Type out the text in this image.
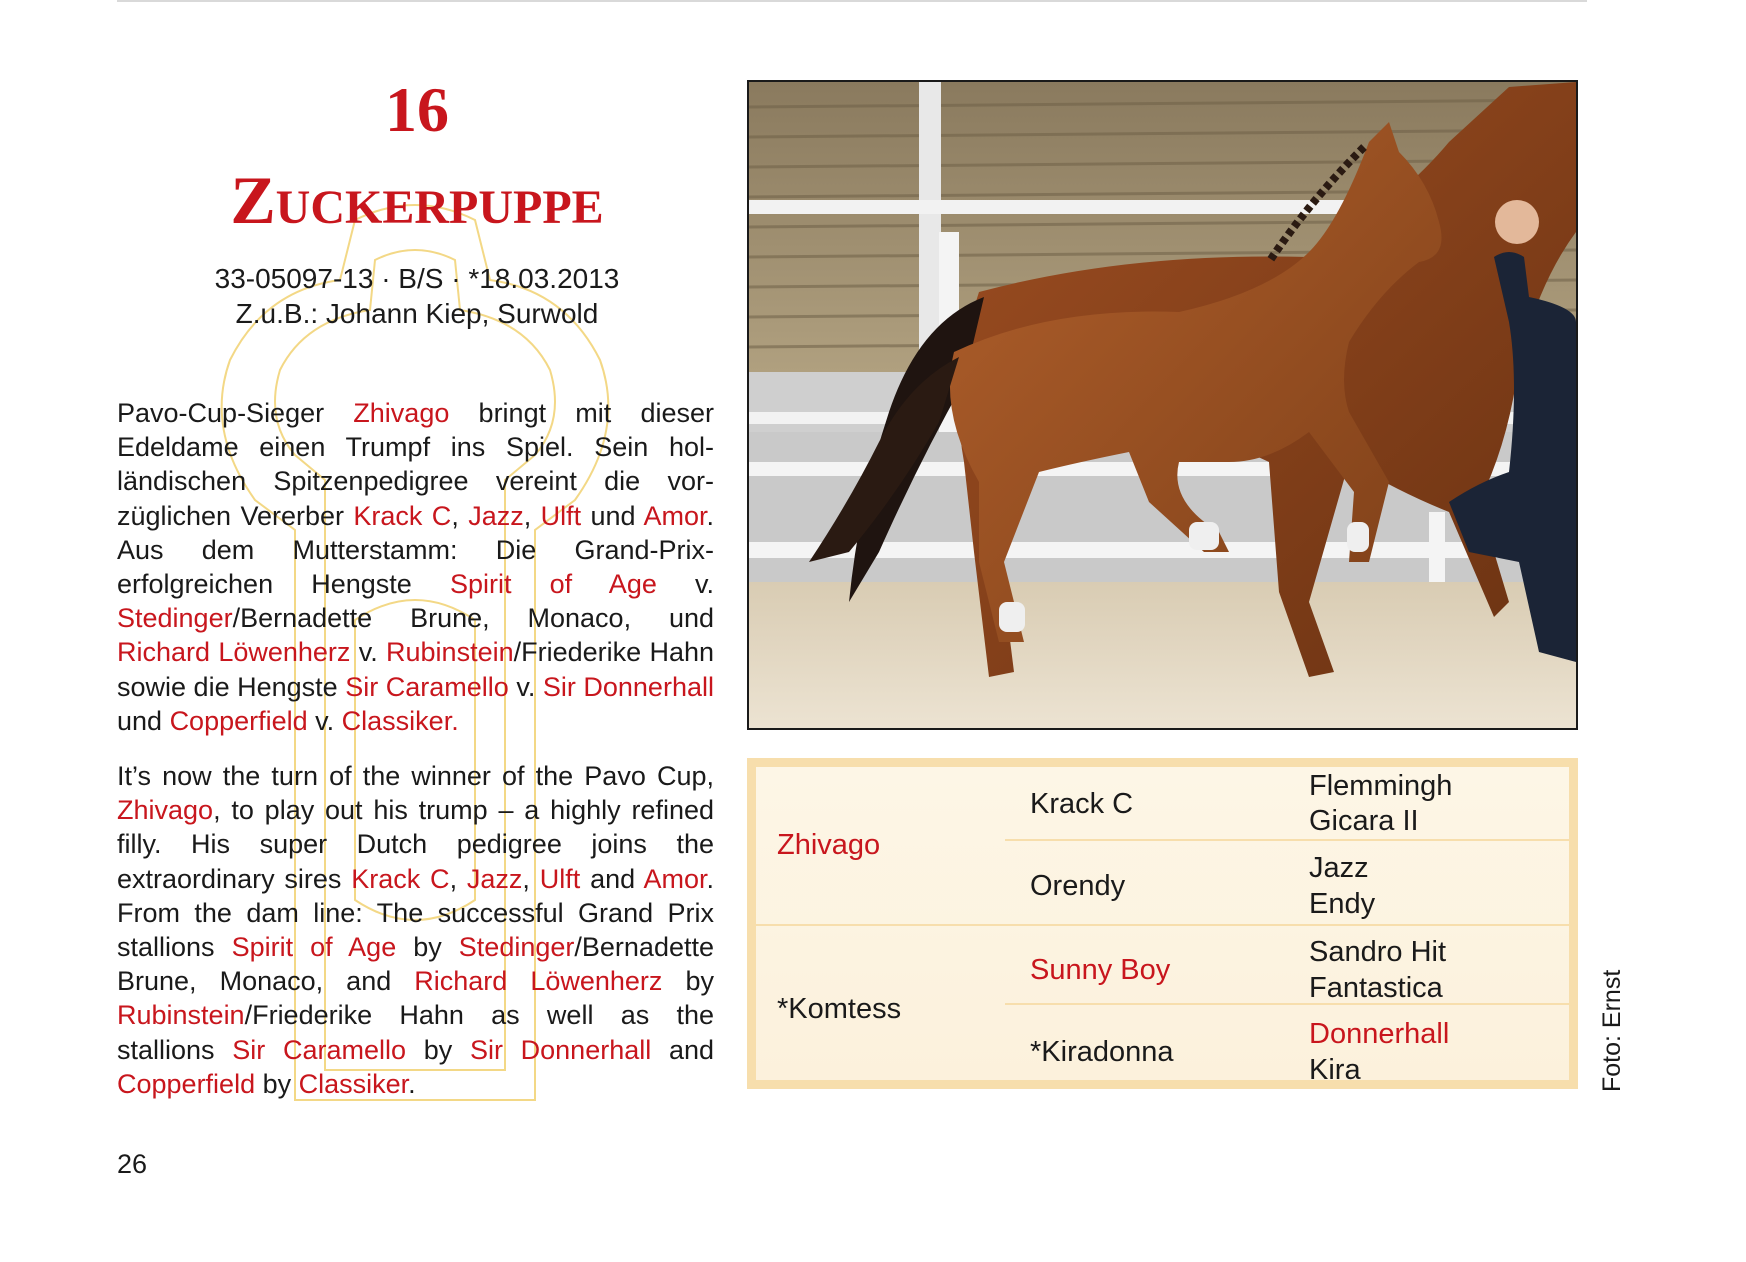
16
Zuckerpuppe
33-05097-13 · B/S · *18.03.2013
Z.u.B.: Johann Kiep, Surwold

Pavo-Cup-Sieger Zhivago bringt mit dieser Edeldame einen Trumpf ins Spiel. Sein holländischen Spitzenpedigree vereint die vorzüglichen Vererber Krack C, Jazz, Ulft und Amor. Aus dem Mutterstamm: Die Grand-Prix-erfolgreichen Hengste Spirit of Age v. Stedinger/Bernadette Brune, Monaco, und Richard Löwenherz v. Rubinstein/Friederike Hahn sowie die Hengste Sir Caramello v. Sir Donnerhall und Copperfield v. Classiker.

It’s now the turn of the winner of the Pavo Cup, Zhivago, to play out his trump – a highly refined filly. His super Dutch pedigree joins the extraordinary sires Krack C, Jazz, Ulft and Amor. From the dam line: The successful Grand Prix stallions Spirit of Age by Stedinger/Bernadette Brune, Monaco, and Richard Löwenherz by Rubinstein/Friederike Hahn as well as the stallions Sir Caramello by Sir Donnerhall and Copperfield by Classiker.

26
Zhivago
*Komtess
Krack C
Orendy
Sunny Boy
*Kiradonna
Flemmingh
Gicara II
Jazz
Endy
Sandro Hit
Fantastica
Donnerhall
Kira	Foto: Ernst
